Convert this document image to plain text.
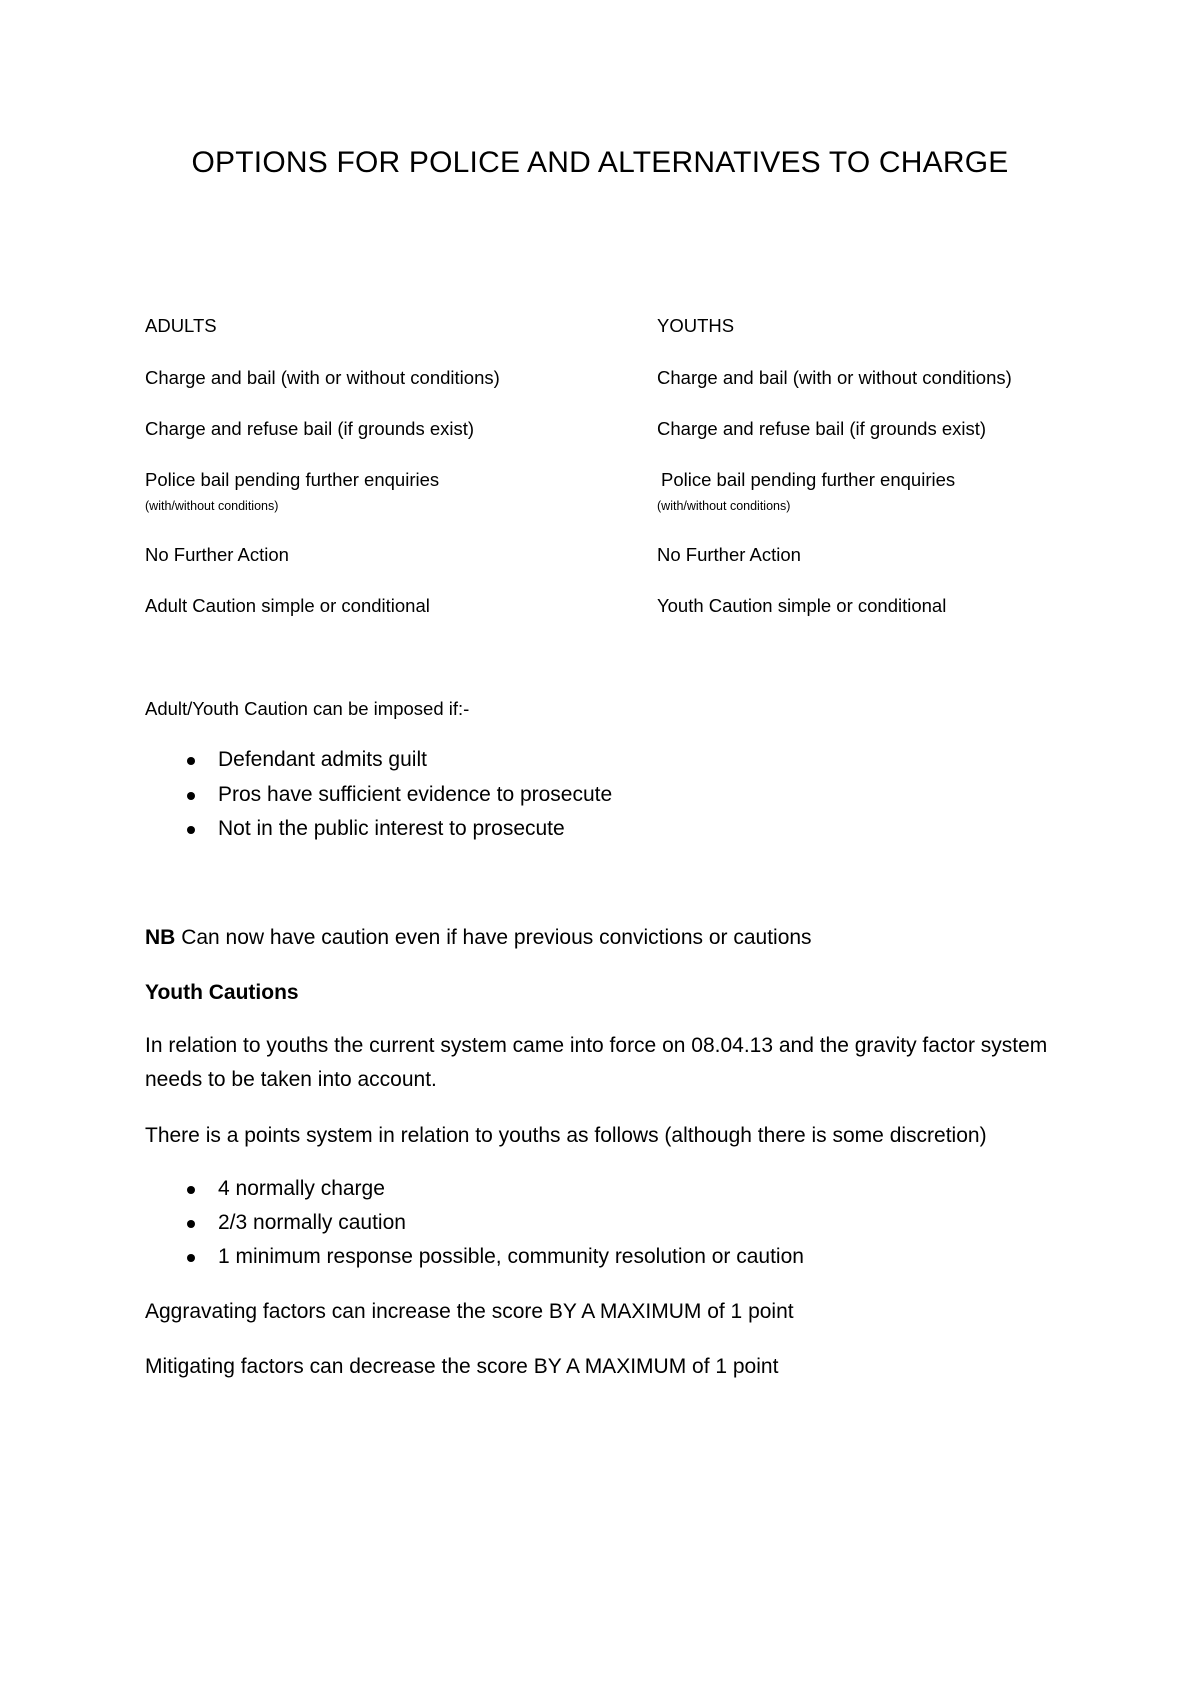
OPTIONS FOR POLICE AND ALTERNATIVES TO CHARGE
ADULTS
Charge and bail (with or without conditions)
Charge and refuse bail (if grounds exist)
Police bail pending further enquiries
(with/without conditions)
No Further Action
Adult Caution simple or conditional
YOUTHS
Charge and bail (with or without conditions)
Charge and refuse bail (if grounds exist)
Police bail pending further enquiries
(with/without conditions)
No Further Action
Youth Caution simple or conditional
Adult/Youth Caution can be imposed if:-
Defendant admits guilt
Pros have sufficient evidence to prosecute
Not in the public interest to prosecute
NB Can now have caution even if have previous convictions or cautions
Youth Cautions
In relation to youths the current system came into force on 08.04.13 and the gravity factor system needs to be taken into account.
There is a points system in relation to youths as follows (although there is some discretion)
4 normally charge
2/3 normally caution
1 minimum response possible, community resolution or caution
Aggravating factors can increase the score BY A MAXIMUM of 1 point
Mitigating factors can decrease the score BY A MAXIMUM of 1 point
